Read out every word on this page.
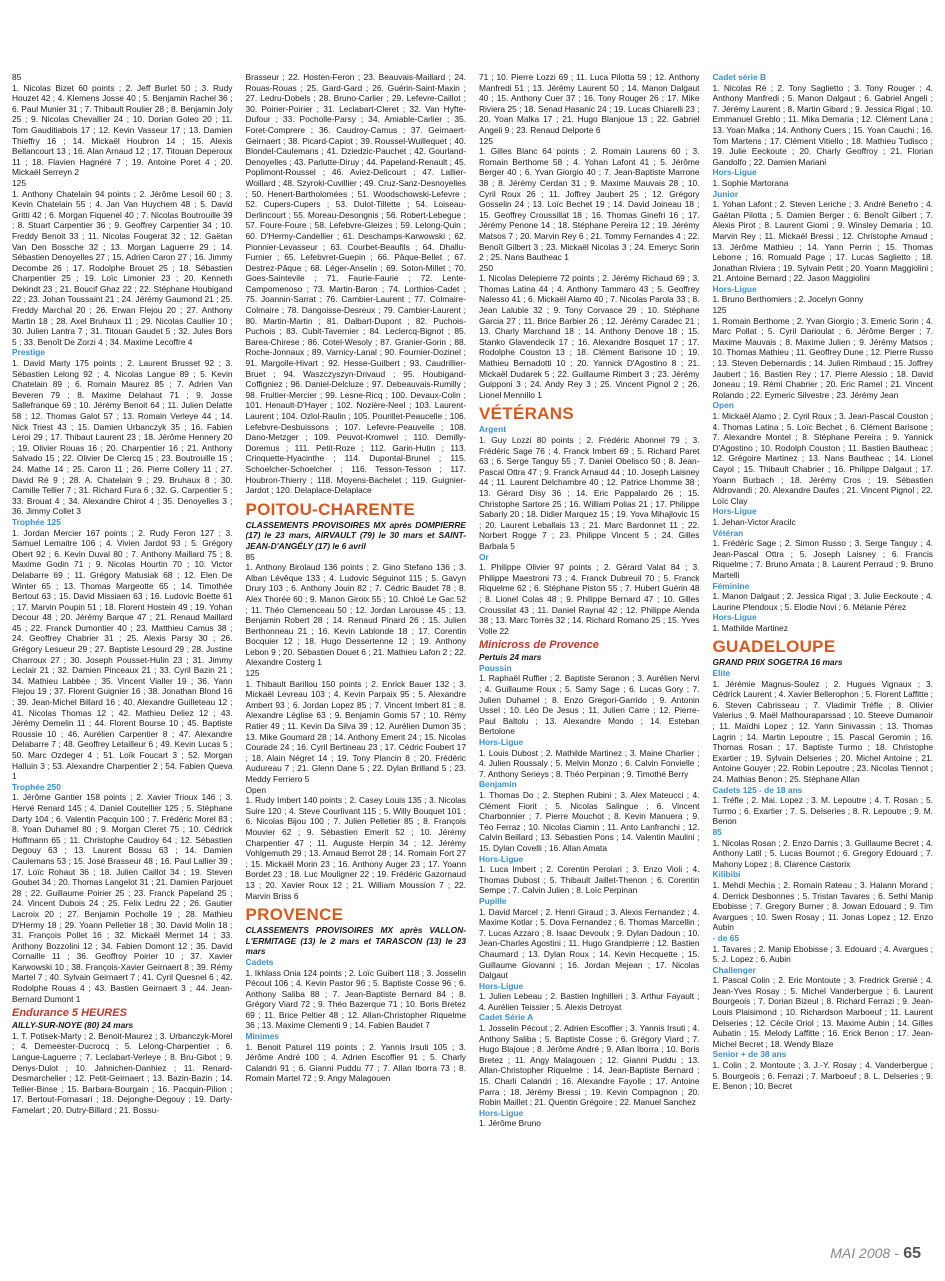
85

1. Nicolas Bizet 60 points ; 2. Jeff Burlet 50 ; 3. Rudy Houzet 42 ; 4. Klemens Josse 40 ; 5. Benjamin Rachel 36 ; 6. Paul Munier 31 ; 7. Thibault Roulier 28 ; 8. Benjamin Joly 25 ; 9. Nicolas Chevallier 24 ; 10. Dorian Goleo 20 ; 11. Tom Gauditiabois 17 ; 12. Kevin Vasseur 17 ; 13. Damien Thieffry 16 ; 14. Mickaël Houbron 14 ; 15. Alexis Bellancourt 13 ; 16. Alan Arnaud 12 ; 17. Titouan Deperoux 11 ; 18. Flavien Hagnéré 7 ; 19. Antoine Poret 4 ; 20. Mickaël Serreyn 2

125

1. Anthony Chatelain 94 points ; 2. Jérôme Lesoil 60 ; 3. Kevin Chatelain 55 ; 4. Jan Van Huychem 48 ; 5. David Gritti 42 ; 6. Morgan Fiquenel 40 ; 7. Nicolas Boutrouille 39 ; 8. Stuart Carpentier 36 ; 9. Geoffrey Carpentier 34 ; 10. Freddy Benoit 33 ; 11. Nicolas Fougerat 32 ; 12. Gaëtan Van Den Bossche 32 ; 13. Morgan Laguerre 29 ; 14. Sébastien Denoyelles 27 ; 15. Adrien Caron 27 ; 16. Jimmy Decombe 26 ; 17. Rodolphe Brouet 25 ; 18. Sébastien Charpentier 25 ; 19. Loïc Limonier 23 ; 20. Kenneth Dekindt 23 ; 21. Boucif Ghaz 22 ; 22. Stéphane Houbigand 22 ; 23. Johan Toussaint 21 ; 24. Jérémy Gaumond 21 ; 25. Freddy Marchal 20 ; 26. Erwan Flejou 20 ; 27. Anthony Martin 18 ; 28. Axel Bruhaux 11 ; 29. Nicolas Caullier 10 ; 30. Julien Lantra 7 ; 31. Titouan Gaudet 5 ; 32. Jules Bors 5 ; 33. Benoît De Zorzi 4 ; 34. Maxime Lecoffre 4

Prestige

1. David Marty 175 points ; 2. Laurent Brusset 92 ; 3. Sébastien Lelong 92 ; 4. Nicolas Langue 89 ; 5. Kevin Chatelain 89 ; 6. Romain Maurez 85 ; 7. Adrien Van Beveren 79 ; 8. Maxime Delahaut 71 ; 9. Josse Sallefranque 69 ; 10. Jérémy Benoit 64 ; 11. Julien Delatte 58 ; 12. Thomas Galot 57 ; 13. Romain Verleye 44 ; 14. Nick Triest 43 ; 15. Damien Urbanczyk 35 ; 16. Fabien Leroi 29 ; 17. Thibaut Laurent 23 ; 18. Jérôme Hennery 20 ; 19. Olivier Rouas 16 ; 20. Charpentier 16 ; 21. Anthony Salvado 15 ; 22. Olivier De Clercq 15 ; 23. Boutrouille 15 ; 24. Mathe 14 ; 25. Caron 11 ; 26. Pierre Collery 11 ; 27. David Ré 9 ; 28. A. Chatelain 9 ; 29. Bruhaux 8 ; 30. Camille Tellier 7 ; 31. Richard Fura 6 ; 32. G. Carpentier 5 ; 33. Brouat 4 ; 34. Alexandre Chirot 4 ; 35. Denoyelles 3 ; 36. Jimmy Collet 3

Trophée 125

1. Jordan Mercier 167 points ; 2. Rudy Feron 127 ; 3. Samuel Lemaitre 106 ; 4. Vivien Jardot 93 ; 5. Grégory Obert 92 ; 6. Kevin Duval 80 ; 7. Anthony Maillard 75 ; 8. Maxime Godin 71 ; 9. Nicolas Hourtin 70 ; 10. Victor Delabarre 69 ; 11. Grégory Matusiak 68 ; 12. Elen De Winter 65 ; 13. Thomas Margeotte 65 ; 14. Timothée Bertout 63 ; 15. David Missiaen 63 ; 16. Ludovic Boette 61 ; 17. Marvin Poupin 51 ; 18. Florent Hostein 49 ; 19. Yohan Decour 48 ; 20. Jérémy Barque 47 ; 21. Renaud Maillard 45 ; 22. Franck Dumontier 40 ; 23. Matthieu Camus 38 ; 24. Geoffrey Chabrier 31 ; 25. Alexis Parsy 30 ; 26. Grégory Lesueur 29 ; 27. Baptiste Lesourd 29 ; 28. Justine Charroux 27 ; 30. Joseph Pousset-Hulin 23 ; 31. Jimmy Leclair 21 ; 32. Damien Pinceaux 21 ; 33. Cyril Bazin 21 ; 34. Mathieu Labbée ; 35. Vincent Vialler 19 ; 36. Yann Flejou 19 ; 37. Florent Guignier 16 ; 38. Jonathan Blond 16 ; 39. Jean-Michel Billard 16 ; 40. Alexandre Guilleteau 12 ; 41. Nicolas Thomas 12 ; 42. Mathieu Deliez 12 ; 43. Jérémy Demelin 11 ; 44. Florent Bourse 10 ; 45. Baptiste Roussie 10 ; 46. Aurélien Carpentier 8 ; 47. Alexandre Delabarre 7 ; 48. Geoffrey Letailleur 6 ; 49. Kevin Lucas 5 ; 50. Marc Ozdeger 4 ; 51. Loïk Foucart 3 ; 52. Morgan Halluin 3 ; 53. Alexandre Charpentier 2 ; 54. Fabien Queva 1

Trophée 250

1. Jérôme Gantier 158 points ; 2. Xavier Trioux 146 ; 3. Hervé Renard 145 ; 4. Daniel Coutellier 125 ; 5. Stéphane Darty 104 ; 6. Valentin Pacquin 100 ; 7. Frédéric Morel 83 ; 8. Yoan Duhamel 80 ; 9. Morgan Cleret 75 ; 10. Cédrick Hoffmann 65 ; 11. Christophe Caudroy 64 ; 12. Sébastien Degouy 63 ; 13. Laurent Bossu 63 ; 14. Damien Caulemans 53 ; 15. José Brasseur 48 ; 16. Paul Lallier 39 ; 17. Loïc Rohaut 36 ; 18. Julien Caillot 34 ; 19. Steven Goubet 34 ; 20. Thomas Langelot 31 ; 21. Damien Parjouet 28 ; 22. Guillaume Poirier 25 ; 23. Franck Papeland 25 ; 24. Vincent Dubois 24 ; 25. Felix Ledru 22 ; 26. Gautier Lacroix 20 ; 27. Benjamin Pocholle 19 ; 28. Mathieu D'Hermy 18 ; 29. Yoann Pelletier 18 ; 30. David Molin 18 ; 31. François Pollet 16 ; 32. Mickaël Mermet 14 ; 33. Anthony Bozzolini 12 ; 34. Fabien Domont 12 ; 35. David Cornaille 11 ; 36. Geoffroy Poirier 10 ; 37. Xavier Karwowski 10 ; 38. François-Xavier Geirnaert 8 ; 39. Rémy Martel 7 ; 40. Sylvain Geirnaert 7 ; 41. Cyril Quesnel 6 ; 42. Rodolphe Rouas 4 ; 43. Bastien Geirnaert 3 ; 44. Jean-Bernard Dumont 1

Endurance 5 HEURES

AILLY-SUR-NOYE (80) 24 mars

1. T. Potisek-Marty ; 2. Benoit-Maurez ; 3. Urbanczyk-Morel ; 4. Demeester-Ducrocq ; 5. Lelong-Charpentier ; 6. Langue-Laguerre ; 7. Leclabart-Verleye ; 8. Bru-Gibot ; 9. Denys-Dulot ; 10. Jahnichen-Danhiez ; 11. Renard-Desmarchelier ; 12. Petit-Geirnaert ; 13. Bazin-Bazin ; 14. Tellier-Binse ; 15. Barbara-Bourgain ; 16. Pacquin-Pilion ; 17. Bertout-Fornasari ; 18. Dejonghe-Degouy ; 19. Darty-Famelart ; 20. Dutry-Billard ; 21. Bossu-

Brasseur ; 22. Hosten-Feron ; 23. Beauvais-Maillard ; 24. Rouas-Rouas ; 25. Gard-Gard ; 26. Guérin-Saint-Maxin ; 27. Ledru-Dobels ; 28. Bruno-Carlier ; 29. Lefevre-Caillot ; 30. Poirier-Poirier ; 31. Leclabart-Cleret ; 32. Van Hyfte-Dufour ; 33. Pocholle-Parsy ; 34. Amiable-Carlier ; 35. Foret-Comprere ; 36. Caudroy-Camus ; 37. Geirnaert-Geirnaert ; 38. Picard-Capiot ; 39. Roussel-Wuillequet ; 40. Blondel-Caulemans ; 41. Dziedzic-Pauchet ; 42. Gourland-Denoyelles ; 43. Parlutte-Diruy ; 44. Papeland-Renault ; 45. Poplimont-Roussel ; 46. Aviez-Delicourt ; 47. Lallier-Woillard ; 48. Szyroki-Cuvillier ; 49. Cruz-Sanz-Desnoyelles ; 50. Henert-Bartholomées ; 51. Woodschowski-Lefevre ; 52. Cupers-Cupers ; 53. Dulot-Tillette ; 54. Loiseau-Derlincourt ; 55. Moreau-Desongnis ; 56. Robert-Lebegue ; 57. Foure-Foure ; 58. Lefebvre-Gleizes ; 59. Lelong-Quin ; 60. D'Hermy-Candellier ; 61. Deschamps-Karwowski ; 62. Pionnier-Levasseur ; 63. Courbet-Beaufils ; 64. Dhallu-Furnier ; 65. Lefebvret-Guepin ; 66. Pâque-Bellet ; 67. Destrez-Pâque ; 68. Léger-Anselin ; 69. Soton-Millet ; 70. Goes-Saintevile ; 71. Faurie-Faurie ; 72. Lente-Campomenoso ; 73. Martin-Baron ; 74. Lorthios-Cadet ; 75. Joannin-Sarrat ; 76. Cambier-Laurent ; 77. Colmaire-Colmaire ; 78. Dangoisse-Desreux ; 79. Cambier-Laurent ; 80. Martin-Martin ; 81. Dalbart-Dupont ; 82. Puchois-Puchois ; 83. Cubit-Tavernier ; 84. Leclercq-Bignot ; 85. Barea-Chirese ; 86. Cotel-Wesoly ; 87. Granier-Gorin ; 88. Roche-Jonnaux ; 89. Varnicy-Lanal ; 90. Fournier-Dozinel ; 91. Margolle-Hivart ; 92. Hesse-Guilbert ; 93. Caudrillier-Bruet ; 94. Waszczyszyn-Drivaud ; 95. Houbigand-Coffigniez ; 96. Daniel-Delcluze ; 97. Debeauvais-Rumilly ; 98. Fruitier-Mercier ; 99. Lesne-Ricq ; 100. Devaux-Colin ; 101. Henault-D'Hayer ; 102. Nozière-Neel ; 103. Laurent-Laurent ; 104. Ozlol-Raulin ; 105. Pourillet-Peaucelle ; 106. Lefebvre-Desbuissons ; 107. Lefevre-Peauvelle ; 108. Dano-Metzger ; 109. Peuvot-Kromwel ; 110. Demilly-Doremus ; 111. Petit-Roze ; 112. Garin-Hutin ; 113. Crinquette-Hyacinthe ; 114. Dupontal-Brunel ; 115. Schoelcher-Schoelcher ; 116. Tesson-Tesson ; 117. Houbron-Thierry ; 118. Moyens-Bachelet ; 119. Guignier-Jardot ; 120. Delaplace-Delaplace

POITOU-CHARENTE

CLASSEMENTS PROVISOIRES MX après DOMPIERRE (17) le 23 mars, AIRVAULT (79) le 30 mars et SAINT-JEAN-D'ANGÉLY (17) le 6 avril

85

1. Anthony Birolaud 136 points ; 2. Gino Stefano 136 ; 3. Alban Lévêque 133 ; 4. Ludovic Séguinot 115 ; 5. Gavyn Drury 103 ; 6. Anthony Jouin 82 ; 7. Cédric Baudet 78 ; 8. Alex Thorée 60 ; 9. Manon Giroix 55 ; 10. Chloé Le Gac 52 ; 11. Théo Clemenceau 50 ; 12. Jordan Larousse 45 ; 13. Benjamin Robert 28 ; 14. Renaud Pinard 26 ; 15. Julien Berthonneau 21 ; 16. Kevin Lablonde 18 ; 17. Corentin Bocquier 12 ; 18. Hugo Dessertenne 12 ; 19. Anthony Lebon 9 ; 20. Sébastien Douet 6 ; 21. Mathieu Lafon 2 ; 22. Alexandre Costerg 1

125

1. Thibault Barillou 150 points ; 2. Enrick Bauer 132 ; 3. Mickaël Levreau 103 ; 4. Kevin Parpaix 95 ; 5. Alexandre Ambert 93 ; 6. Jordan Lopez 85 ; 7. Vincent Imbert 81 ; 8. Alexandre Léglise 63 ; 9. Benjamin Gomis 57 ; 10. Rémy Ratier 49 ; 11. Kevin Da Silva 39 ; 12. Aurélien Dumon 35 ; 13. Mike Goumard 28 ; 14. Anthony Emerit 24 ; 15. Nicolas Courade 24 ; 16. Cyril Bertineau 23 ; 17. Cédric Foubert 17 ; 18. Alain Négret 14 ; 19. Tony Plancin 8 ; 20. Frédéric Audureau 7 ; 21. Glenn Dane 5 ; 22. Dylan Brilland 5 ; 23. Meddy Ferriero 5

Open

1. Rudy Imbert 140 points ; 2. Casey Louis 135 ; 3. Nicolas Suire 120 ; 4. Steve Courlivant 115 ; 5. Willy Bouquet 101 ; 6. Nicolas Bijou 100 ; 7. Julien Pelletier 85 ; 8. François Mouvier 62 ; 9. Sébastien Emerit 52 ; 10. Jérémy Charpentier 47 ; 11. Auguste Herpin 34 ; 12. Jérémy Vohlgemuth 29 ; 13. Arnaud Berrot 28 ; 14. Romain Fort 27 ; 15. Mickaël Morin 23 ; 16. Anthony Auger 23 ; 17. Yoann Bordet 23 ; 18. Luc Mouligner 22 ; 19. Frédéric Gazornaud 13 ; 20. Xavier Roux 12 ; 21. William Moussion 7 ; 22. Marvin Briss 6

PROVENCE

CLASSEMENTS PROVISOIRES MX après VALLON-L'ERMITAGE (13) le 2 mars et TARASCON (13) le 23 mars

Cadets

1. Ikhlass Onia 124 points ; 2. Loïc Guibert 118 ; 3. Josselin Pécout 106 ; 4. Kevin Pastor 96 ; 5. Baptiste Cosse 96 ; 6. Anthony Saliba 88 ; 7. Jean-Baptiste Bernard 84 ; 8. Grégory Viard 72 ; 9. Théo Bazerque 71 ; 10. Boris Bretez 69 ; 11. Brice Peltier 48 ; 12. Allan-Christopher Riquelme 36 ; 13. Maxime Clementi 9 ; 14. Fabien Baudet 7

Minimes

1. Benoit Paturel 119 points ; 2. Yannis Irsuti 105 ; 3. Jérôme André 100 ; 4. Adrien Escoffier 91 ; 5. Charly Calandri 91 ; 6. Gianni Puddu 77 ; 7. Allan Iborra 73 ; 8. Romain Martel 72 ; 9. Angy Malagouen

71 ; 10. Pierre Lozzi 69 ; 11. Luca Pilotta 59 ; 12. Anthony Manfredi 51 ; 13. Jérémy Laurent 50 ; 14. Manon Dalgaut 40 ; 15. Anthony Cuer 37 ; 16. Tony Rouger 26 ; 17. Mike Riviera 25 ; 18. Senad Hasanic 24 ; 19. Lucas Chiarelli 23 ; 20. Yoan Malka 17 ; 21. Hugo Blanjoue 13 ; 22. Gabriel Angeli 9 ; 23. Renaud Delporte 6

125

1. Gilles Blanc 64 points ; 2. Romain Laurens 60 ; 3. Romain Berthome 58 ; 4. Yohan Lafont 41 ; 5. Jérôme Berger 40 ; 6. Yvan Giorgio 40 ; 7. Jean-Baptiste Marrone 38 ; 8. Jérémy Cerdan 31 ; 9. Maxime Mauvais 28 ; 10. Cyril Roux 26 ; 11. Joffrey Jaubert 25 ; 12. Grégory Gosselin 24 ; 13. Loïc Bechet 19 ; 14. David Joineau 18 ; 15. Geoffrey Croussillat 18 ; 16. Thomas Ginefri 16 ; 17. Jérémy Penone 14 ; 18. Stéphane Pereira 12 ; 19. Jérémy Matsos 7 ; 20. Marvin Rey 6 ; 21. Tommy Fernandes 4 ; 22. Benoît Gilbert 3 ; 23. Mickaël Nicolas 3 ; 24. Emeryc Sorin 2 ; 25. Nans Bautheac 1

250

1. Nicolas Delepierre 72 points ; 2. Jérémy Richaud 69 ; 3. Thomas Latina 44 ; 4. Anthony Tammaro 43 ; 5. Geoffrey Nalesso 41 ; 6. Mickaël Alamo 40 ; 7. Nicolas Parola 33 ; 8. Jean Lalubie 32 ; 9. Tony Corvasce 29 ; 10. Stéphane Garcia 27 ; 11. Brice Barbier 26 ; 12. Jérémy Caradec 21 ; 13. Charly Marchand 18 ; 14. Anthony Denove 18 ; 15. Stanko Glavendecik 17 ; 16. Alexandre Bosquet 17 ; 17. Rodolphe Couston 13 ; 18. Clément Barisone 10 ; 19. Mathieu Bernadotti 10 ; 20. Yannick D'Agostino 8 ; 21. Mickaël Dudarek 5 ; 22. Guillaume Rimbert 3 ; 23. Jérémy Guipponi 3 ; 24. Andy Rey 3 ; 25. Vincent Pignol 2 ; 26. Lionel Mennillo 1

VÉTÉRANS

Argent

1. Guy Lozzi 80 points ; 2. Frédéric Abonnel 79 ; 3. Frédéric Sage 76 ; 4. Franck Imbert 69 ; 5. Richard Paret 63 ; 6. Serge Tanguy 55 ; 7. Daniel Obelisco 50 ; 8. Jean-Pascal Ottra 47 ; 9. Franck Arnaud 44 ; 10. Joseph Laisney 44 ; 11. Laurent Delchambre 40 ; 12. Patrice Lhomme 38 ; 13. Gérard Disy 36 ; 14. Eric Pappalardo 26 ; 15. Christophe Sartore 25 ; 16. William Polias 21 ; 17. Philippe Sabarly 20 ; 18. Didier Marquez 15 ; 19. Yova Mihajlovic 15 ; 20. Laurent Leballais 13 ; 21. Marc Bardonnet 11 ; 22. Norbert Rogge 7 ; 23. Philippe Vincent 5 ; 24. Gilles Barbala 5

Or

1. Philippe Olivier 97 points ; 2. Gérard Valat 84 ; 3. Philippe Maestroni 73 ; 4. Franck Dubreuil 70 ; 5. Franck Riquelme 62 ; 6. Stéphane Piston 55 ; 7. Hubert Guérin 48 ; 8. Lionel Colas 48 ; 9. Philippe Bernard 47 ; 10. Gilles Croussilat 43 ; 11. Daniel Raynal 42 ; 12. Philippe Alenda 38 ; 13. Marc Torrès 32 ; 14. Richard Romano 25 ; 15. Yves Volle 22

Minicross de Provence

Pertuis 24 mars

Poussin

1. Raphaël Ruffier ; 2. Baptiste Seranon ; 3. Aurélien Nervi ; 4. Guillaume Roux ; 5. Samy Sage ; 6. Lucas Gory ; 7. Julien Duhamel ; 8. Enzo Gregori-Garrido ; 9. Antonin Ussel ; 10. Léo De Jesus ; 11. Julien Carre ; 12. Pierre-Paul Baltolu ; 13. Alexandre Mondo ; 14. Esteban Bertolone

Hors-Ligue

1. Louis Dubost ; 2. Mathilde Martinez ; 3. Maine Charlier ; 4. Julien Roussaly ; 5. Melvin Monzo ; 6. Calvin Fonvielle ; 7. Anthony Serieys ; 8. Théo Perpinan ; 9. Timothé Berry

Benjamin

1. Thomas Do ; 2. Stephen Rubini ; 3. Alex Mateucci ; 4. Clément Fiorit ; 5. Nicolas Salingue ; 6. Vincent Charbonnier ; 7. Pierre Mouchot ; 8. Kevin Manuera ; 9. Téo Ferraz ; 10. Nicolas Ciamin ; 11. Anto Lanfranchi ; 12. Calvin Beillard ; 13. Sébastien Pons ; 14. Valentin Maulini ; 15. Dylan Covelli ; 16. Allan Amata

Hors-Ligue

1. Luca Imbert ; 2. Corentin Perolari ; 3. Enzo Violi ; 4. Thomas Dubost ; 5. Thibault Jaillet-Thenon ; 6. Corentin Sempe ; 7. Calvin Julien ; 8. Loïc Perpinan

Pupille

1. David Marcel ; 2. Henri Giraud ; 3. Alexis Fernandez ; 4. Maxime Kotlar ; 5. Dova Fernandez ; 6. Thomas Marcellin ; 7. Lucas Azzaro ; 8. Isaac Devoulx ; 9. Dylan Dadoun ; 10. Jean-Charles Agostini ; 11. Hugo Grandpierre ; 12. Bastien Chaumard ; 13. Dylan Roux ; 14. Kevin Hecquette ; 15. Guillaume Giovanni ; 16. Jordan Mejean ; 17. Nicolas Dalgaut

Hors-Ligue

1. Julien Lebeau ; 2. Bastien Inghilleri ; 3. Arthur Fayault ; 4. Aurélien Teissier ; 5. Alexis Detroyat

Cadet Série A

1. Josselin Pécout ; 2. Adrien Escoffier ; 3. Yannis Irsuti ; 4. Anthony Saliba ; 5. Baptiste Cosse ; 6. Grégory Viard ; 7. Hugo Blajoue ; 8. Jérôme André ; 9. Allan Iborra ; 10. Boris Bretez ; 11. Angy Malagouen ; 12. Gianni Puddu ; 13. Allan-Christopher Riquelme ; 14. Jean-Baptiste Bernard ; 15. Charli Calandri ; 16. Alexandre Fayolle ; 17. Antoine Parra ; 18. Jérémy Bressi ; 19. Kevin Compagnon ; 20. Robin Maillet ; 21. Quentin Grégoire ; 22. Manuel Sanchez

Hors-Ligue

1. Jérôme Bruno

Cadet série B

1. Nicolas Ré ; 2. Tony Saglietto ; 3. Tony Rouger ; 4. Anthony Manfredi ; 5. Manon Dalgaut ; 6. Gabriel Angeli ; 7. Jérémy Laurent ; 8. Martin Gibard ; 9. Jessica Rigal ; 10. Emmanuel Greblo ; 11. Mika Demaria ; 12. Clément Lana ; 13. Yoan Malka ; 14. Anthony Cuers ; 15. Yoan Cauchi ; 16. Tom Martens ; 17. Clément Vitiello ; 18. Mathieu Tudisco ; 19. Julie Eeckoute ; 20. Charly Geoffroy ; 21. Florian Gandolfo ; 22. Damien Mariani

Hors-Ligue

1. Sophie Martorana

Junior

1. Yohan Lafont ; 2. Steven Leriche ; 3. André Benefro ; 4. Gaëtan Pilotta ; 5. Damien Berger ; 6. Benoît Gilbert ; 7. Alexis Pirot ; 8. Laurent Giomi ; 9. Winsley Demaria ; 10. Marvin Rey ; 11. Mickaël Bressi ; 12. Christophe Arnaud ; 13. Jérôme Mathieu ; 14. Yann Perrin ; 15. Thomas Leborre ; 16. Romuald Page ; 17. Lucas Saglietto ; 18. Jonathan Riviera ; 19. Sylvain Petit ; 20. Yoann Maggiolini ; 21. Antoine Bernard ; 22. Jason Maggiolini

Hors-Ligue

1. Bruno Berthomiers ; 2. Jocelyn Gonny

125

1. Romain Berthome ; 2. Yvan Giorgio ; 3. Emeric Sorin ; 4. Marc Pollat ; 5. Cyril Darioulat ; 6. Jérôme Berger ; 7. Maxime Mauvais ; 8. Maxime Julien ; 9. Jérémy Matsos ; 10. Thomas Mathieu ; 11. Geoffrey Dune ; 12. Pierre Russo ; 13. Steven Debernardis ; 14. Julien Rimbaud ; 15. Joffrey Jaubert ; 16. Bastien Rey ; 17. Pierre Alessio ; 18. David Joneau ; 19. Rémi Chabrier ; 20. Eric Ramel ; 21. Vincent Rolando ; 22. Eymeric Silvestre ; 23. Jérémy Jean

Open

1. Mickaël Alamo ; 2. Cyril Roux ; 3. Jean-Pascal Couston ; 4. Thomas Latina ; 5. Loïc Bechet ; 6. Clément Barisone ; 7. Alexandre Montel ; 8. Stéphane Pereira ; 9. Yannick D'Agostino ; 10. Rodolph Couston ; 11. Bastien Bautheac ; 12. Grégoire Martinez ; 13. Nans Bautheac ; 14. Lionel Cayol ; 15. Thibault Chabrier ; 16. Philippe Dalgaut ; 17. Yoann Burbach ; 18. Jérémy Cros ; 19. Sébastien Aldrovandi ; 20. Alexandre Daufes ; 21. Vincent Pignol ; 22. Loïc Clay

Hors-Ligue

1. Jehan-Victor Aracilc

Vétéran

1. Frédéric Sage ; 2. Simon Russo ; 3. Serge Tanguy ; 4. Jean-Pascal Ottra ; 5. Joseph Laisney ; 6. Francis Riquelme ; 7. Bruno Amata ; 8. Laurent Perraud ; 9. Bruno Martelli

Féminine

1. Manon Dalgaut ; 2. Jessica Rigal ; 3. Julie Eeckoute ; 4. Laurine Plendoux ; 5. Elodie Novi ; 6. Mélanie Pérez

Hors-Ligue

1. Mathilde Martinez

GUADELOUPE

GRAND PRIX SOGETRA 16 mars

Elite

1. Jérémie Magnus-Soulez ; 2. Hugues Vignaux ; 3. Cédrick Laurent ; 4. Xavier Bellerophon ; 5. Florent Laffitte ; 6. Steven Cabrisseau ; 7. Vladimir Tréfle ; 8. Olivier Valerius ; 9. Maël Mathouraparssad ; 10. Steeve Dumanoir ; 11. Maïdhi Lopez ; 12. Yann Sinivassin ; 13. Thomas Lagrin ; 14. Martin Lepoutre ; 15. Pascal Geromin ; 16. Thomas Rosan ; 17. Baptiste Turmo ; 18. Christophe Exartier ; 19. Sylvain Delseries ; 20. Michel Antoine ; 21. Antoine Gouyer ; 22. Robin Lepoutre ; 23. Nicolas Tiennot ; 24. Mathias Benon ; 25. Stéphane Allan

Cadets 125 - de 18 ans

1. Tréfle ; 2. Mai. Lopez ; 3. M. Lepoutre ; 4. T. Rosan ; 5. Turmo ; 6. Exartier ; 7. S. Delseries ; 8. R. Lepoutre ; 9. M. Benon

85

1. Nicolas Rosan ; 2. Enzo Darnis ; 3. Guillaume Becret ; 4. Anthony Latil ; 5. Lucas Bournot ; 6. Gregory Edouard ; 7. Mahony Lopez ; 8. Clarence Castorix

Kilibibi

1. Mehdi Mechia ; 2. Romain Rateau ; 3. Halann Morand ; 4. Derrick Desbonnes ; 5. Tristan Tavares ; 6. Sethi Manip Ebobisse ; 7. Gregory Burner ; 8. Jowan Edouard ; 9. Tim Avargues ; 10. Swen Rosay ; 11. Jonas Lopez ; 12. Enzo Aubin

- de 65

1. Tavares ; 2. Manip Ebobisse ; 3. Edouard ; 4. Avargues ; 5. J. Lopez ; 6. Aubin

Challenger

1. Pascal Colin ; 2. Eric Montoute ; 3. Fredrick Grenié ; 4. Jean-Yves Rosay ; 5. Michel Vanderbergue ; 6. Laurent Bourgeois ; 7. Dorian Bizeul ; 8. Richard Ferrazi ; 9. Jean-Louis Plaisimond ; 10. Richardson Marboeuf ; 11. Laurent Delseries ; 12. Cécile Oriol ; 13. Maxime Aubin ; 14. Gilles Aubatin ; 15. Melody Laffitte ; 16. Erick Benon ; 17. Jean-Michel Becret ; 18. Wendy Blaze

Senior + de 38 ans

1. Colin ; 2. Montoute ; 3. J.-Y. Rosay ; 4. Vanderbergue ; 5. Bourgeois ; 6. Ferrazi ; 7. Marboeuf ; 8. L. Delseries ; 9. E. Benon ; 10. Becret

MAI 2008 - 65
